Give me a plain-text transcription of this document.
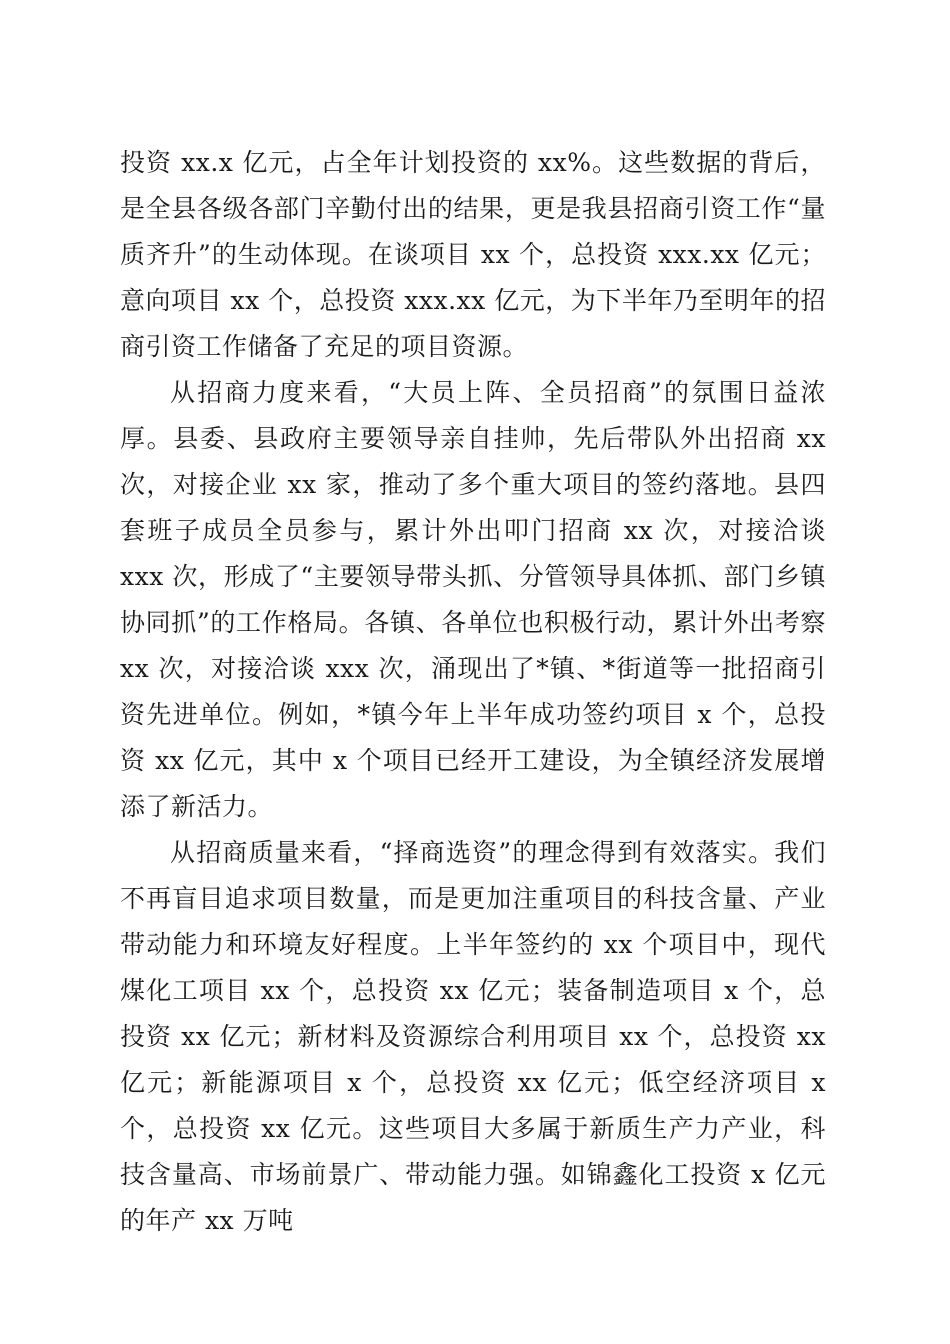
投资 xx.x 亿元，占全年计划投资的 xx%。这些数据的背后，是全县各级各部门辛勤付出的结果，更是我县招商引资工作“量质齐升”的生动体现。在谈项目 xx 个，总投资 xxx.xx 亿元；意向项目 xx 个，总投资 xxx.xx 亿元，为下半年乃至明年的招商引资工作储备了充足的项目资源。

从招商力度来看，“大员上阵、全员招商”的氛围日益浓厚。县委、县政府主要领导亲自挂帅，先后带队外出招商 xx 次，对接企业 xx 家，推动了多个重大项目的签约落地。县四套班子成员全员参与，累计外出叩门招商 xx 次，对接洽谈 xxx 次，形成了“主要领导带头抓、分管领导具体抓、部门乡镇协同抓”的工作格局。各镇、各单位也积极行动，累计外出考察 xx 次，对接洽谈 xxx 次，涌现出了*镇、*街道等一批招商引资先进单位。例如，*镇今年上半年成功签约项目 x 个，总投资 xx 亿元，其中 x 个项目已经开工建设，为全镇经济发展增添了新活力。

从招商质量来看，“择商选资”的理念得到有效落实。我们不再盲目追求项目数量，而是更加注重项目的科技含量、产业带动能力和环境友好程度。上半年签约的 xx 个项目中，现代煤化工项目 xx 个，总投资 xx 亿元；装备制造项目 x 个，总投资 xx 亿元；新材料及资源综合利用项目 xx 个，总投资 xx 亿元；新能源项目 x 个，总投资 xx 亿元；低空经济项目 x 个，总投资 xx 亿元。这些项目大多属于新质生产力产业，科技含量高、市场前景广、带动能力强。如锦鑫化工投资 x 亿元的年产 xx 万吨
